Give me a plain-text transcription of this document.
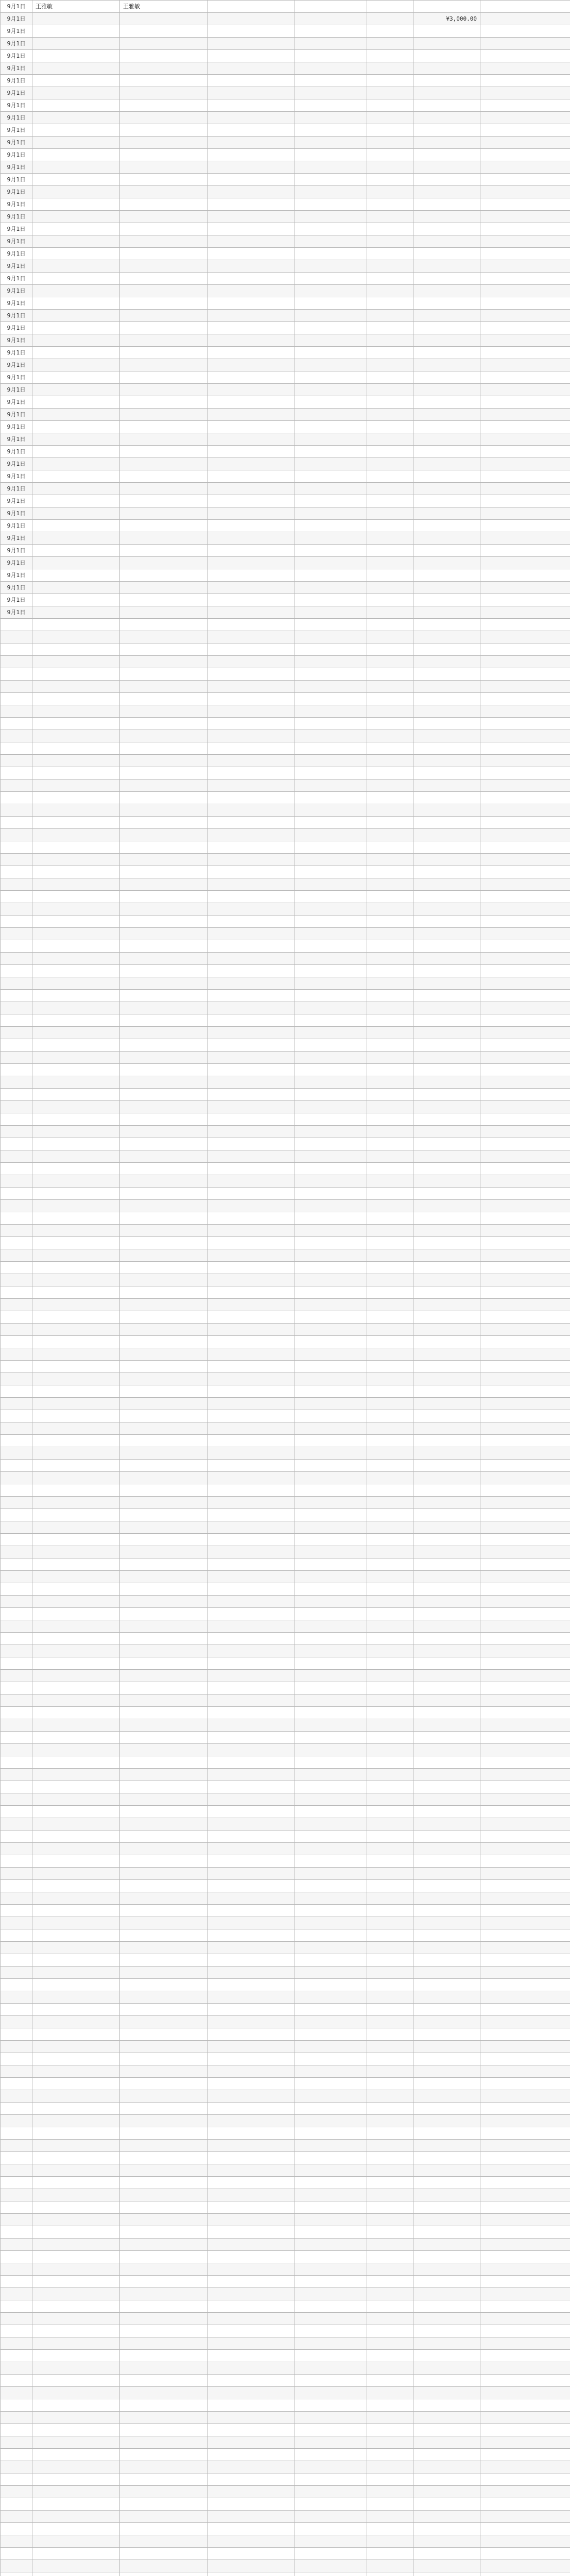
9月1日	王雅敏	王雅敏					
9月1日						¥3,000.00	
9月1日							
9月1日							
9月1日							
9月1日							
9月1日							
9月1日							
9月1日							
9月1日							
9月1日							
9月1日							
9月1日							
9月1日							
9月1日							
9月1日							
9月1日							
9月1日							
9月1日							
9月1日							
9月1日							
9月1日							
9月1日							
9月1日							
9月1日							
9月1日							
9月1日							
9月1日							
9月1日							
9月1日							
9月1日							
9月1日							
9月1日							
9月1日							
9月1日							
9月1日							
9月1日							
9月1日							
9月1日							
9月1日							
9月1日							
9月1日							
9月1日							
9月1日							
9月1日							
9月1日							
9月1日							
9月1日							
9月1日							
9月1日							
